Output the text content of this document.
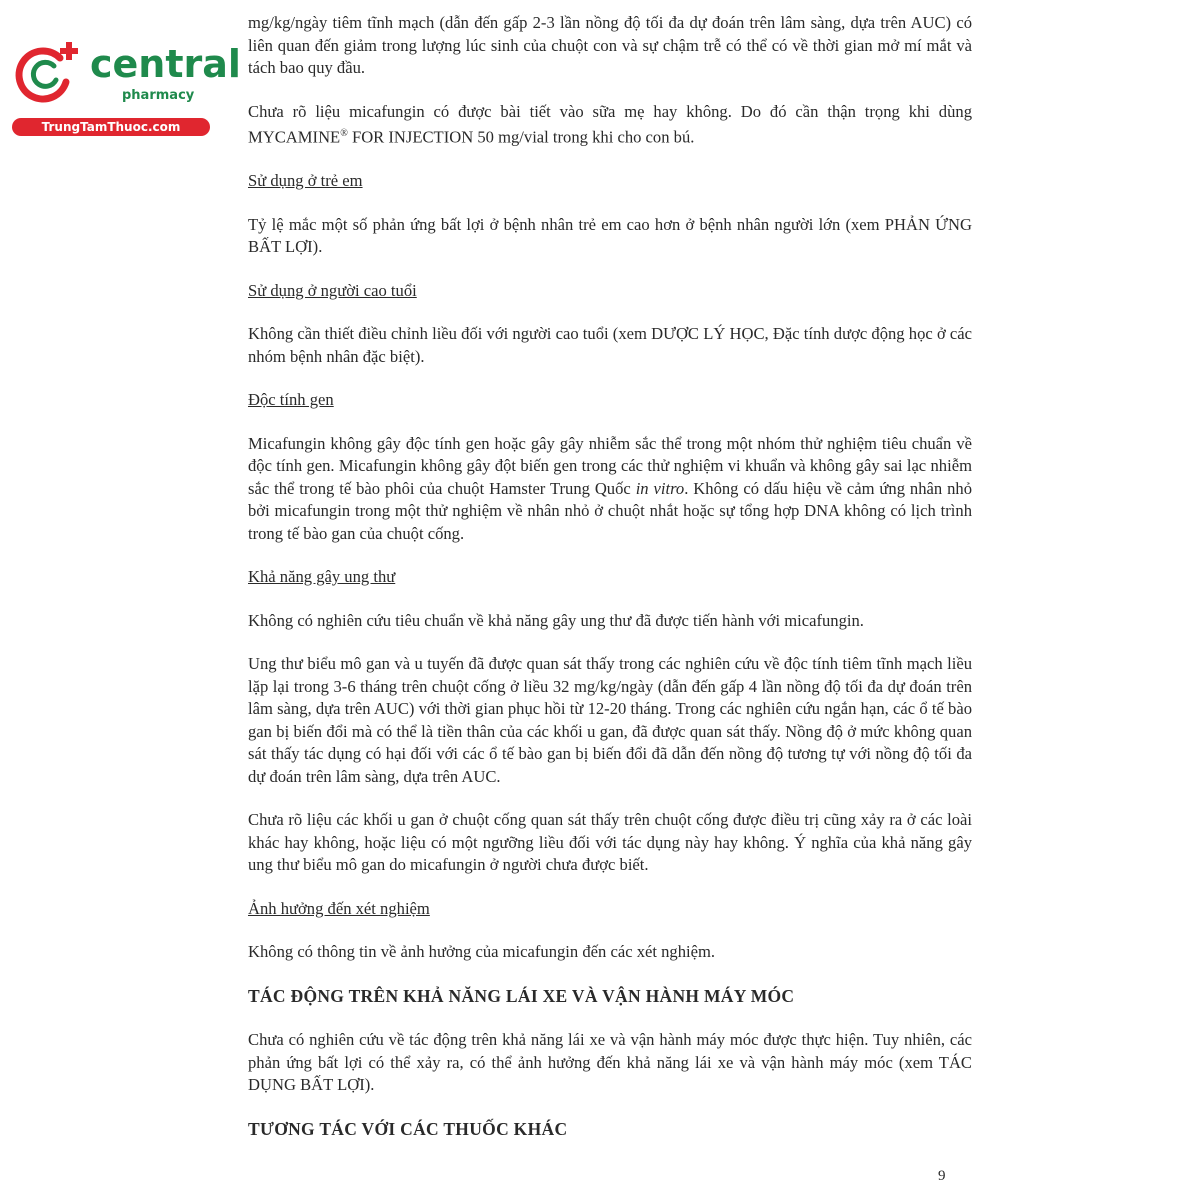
central
pharmacy
TrungTamThuoc.com

mg/kg/ngày tiêm tĩnh mạch (dẫn đến gấp 2-3 lần nồng độ tối đa dự đoán trên lâm sàng, dựa trên AUC) có liên quan đến giảm trong lượng lúc sinh của chuột con và sự chậm trễ có thể có về thời gian mở mí mắt và tách bao quy đầu.

Chưa rõ liệu micafungin có được bài tiết vào sữa mẹ hay không. Do đó cần thận trọng khi dùng MYCAMINE® FOR INJECTION 50 mg/vial trong khi cho con bú.

Sử dụng ở trẻ em

Tỷ lệ mắc một số phản ứng bất lợi ở bệnh nhân trẻ em cao hơn ở bệnh nhân người lớn (xem PHẢN ỨNG BẤT LỢI).

Sử dụng ở người cao tuổi

Không cần thiết điều chỉnh liều đối với người cao tuổi (xem DƯỢC LÝ HỌC, Đặc tính dược động học ở các nhóm bệnh nhân đặc biệt).

Độc tính gen

Micafungin không gây độc tính gen hoặc gây gây nhiễm sắc thể trong một nhóm thử nghiệm tiêu chuẩn về độc tính gen. Micafungin không gây đột biến gen trong các thử nghiệm vi khuẩn và không gây sai lạc nhiễm sắc thể trong tế bào phôi của chuột Hamster Trung Quốc in vitro. Không có dấu hiệu về cảm ứng nhân nhỏ bởi micafungin trong một thử nghiệm về nhân nhỏ ở chuột nhắt hoặc sự tổng hợp DNA không có lịch trình trong tế bào gan của chuột cống.

Khả năng gây ung thư

Không có nghiên cứu tiêu chuẩn về khả năng gây ung thư đã được tiến hành với micafungin.

Ung thư biểu mô gan và u tuyến đã được quan sát thấy trong các nghiên cứu về độc tính tiêm tĩnh mạch liều lặp lại trong 3-6 tháng trên chuột cống ở liều 32 mg/kg/ngày (dẫn đến gấp 4 lần nồng độ tối đa dự đoán trên lâm sàng, dựa trên AUC) với thời gian phục hồi từ 12-20 tháng. Trong các nghiên cứu ngắn hạn, các ổ tế bào gan bị biến đổi mà có thể là tiền thân của các khối u gan, đã được quan sát thấy. Nồng độ ở mức không quan sát thấy tác dụng có hại đối với các ổ tế bào gan bị biến đổi đã dẫn đến nồng độ tương tự với nồng độ tối đa dự đoán trên lâm sàng, dựa trên AUC.

Chưa rõ liệu các khối u gan ở chuột cống quan sát thấy trên chuột cống được điều trị cũng xảy ra ở các loài khác hay không, hoặc liệu có một ngưỡng liều đối với tác dụng này hay không. Ý nghĩa của khả năng gây ung thư biểu mô gan do micafungin ở người chưa được biết.

Ảnh hưởng đến xét nghiệm

Không có thông tin về ảnh hưởng của micafungin đến các xét nghiệm.

TÁC ĐỘNG TRÊN KHẢ NĂNG LÁI XE VÀ VẬN HÀNH MÁY MÓC

Chưa có nghiên cứu về tác động trên khả năng lái xe và vận hành máy móc được thực hiện. Tuy nhiên, các phản ứng bất lợi có thể xảy ra, có thể ảnh hưởng đến khả năng lái xe và vận hành máy móc (xem TÁC DỤNG BẤT LỢI).

TƯƠNG TÁC VỚI CÁC THUỐC KHÁC

9
